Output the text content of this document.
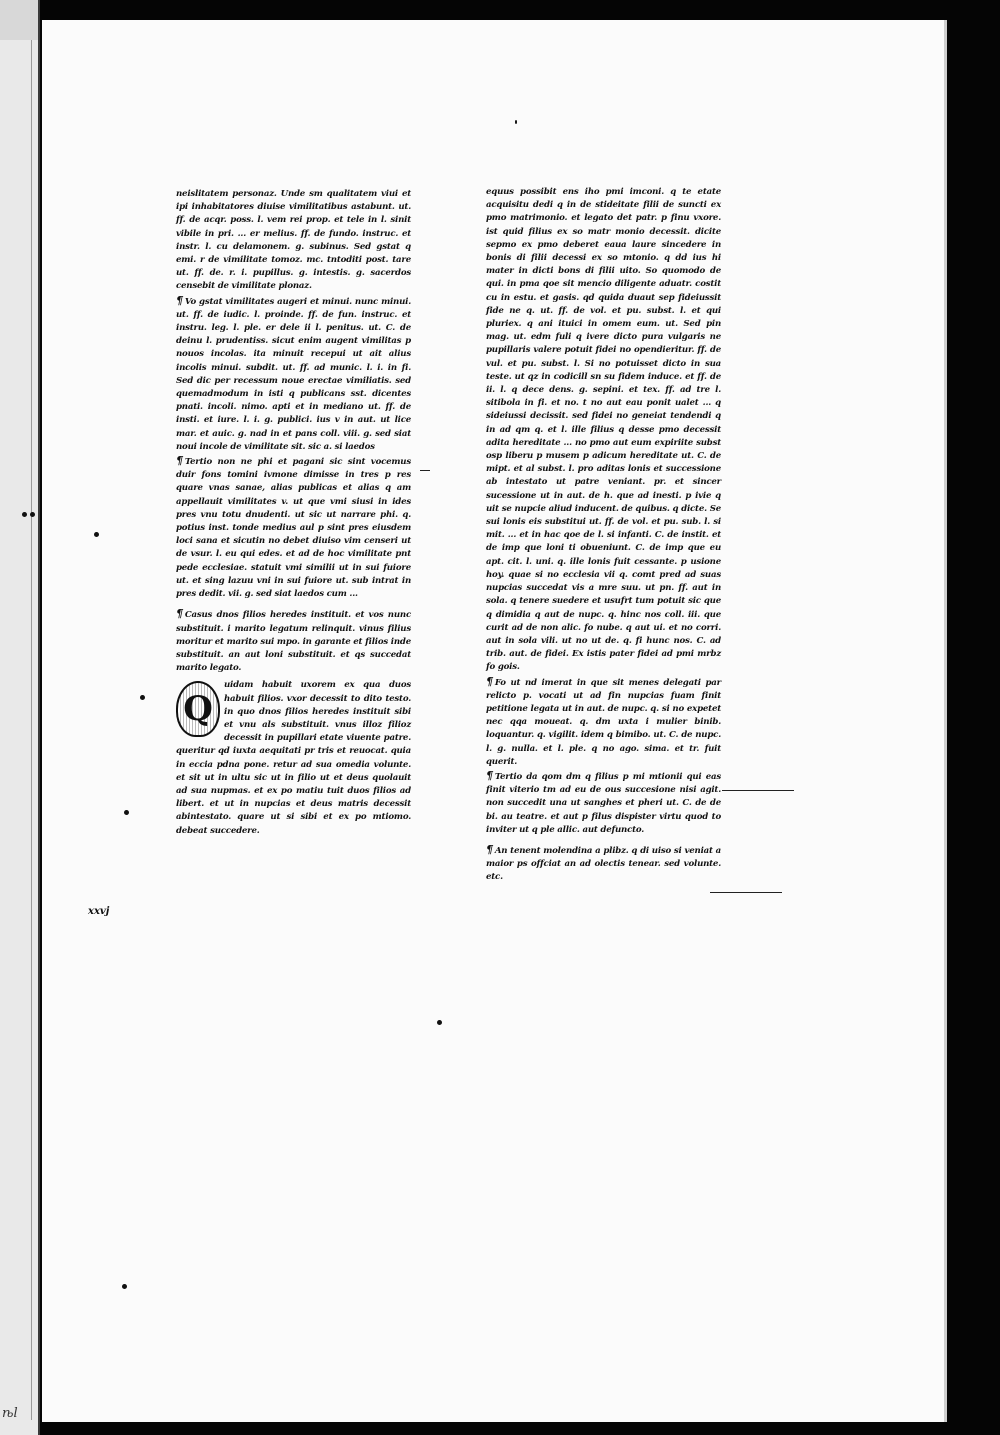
ѣl

neislitatem personaz. Unde sm qualitatem viui et ipi inhabitatores diuise vimilitatibus astabunt. ut. ff. de acqr. poss. l. vem rei prop. et tele in l. sinit vibile in pri. ... er melius. ff. de fundo. instruc. et instr. l. cu delamonem. g. subinus. Sed gstat q emi. r de vimilitate tomoz. mc. tntoditi post. tare ut. ff. de. r. i. pupillus. g. intestis. g. sacerdos censebit de vimilitate plonaz.

¶ Vo gstat vimilitates augeri et minui. nunc minui. ut. ff. de iudic. l. proinde. ff. de fun. instruc. et instru. leg. l. ple. er dele ii l. penitus. ut. C. de deinu l. prudentiss. sicut enim augent vimilitas p nouos incolas. ita minuit recepui ut ait alius incolis minui. subdit. ut. ff. ad munic. l. i. in fi. Sed dic per recessum noue erectae vimiliatis. sed quemadmodum in isti q publicans sst. dicentes pnati. incoli. nimo. apti et in mediano ut. ff. de insti. et iure. l. i. g. publici. ius v in aut. ut lice mar. et auic. g. nad in et pans coll. viii. g. sed siat noui incole de vimilitate sit. sic a. si laedos

¶ Tertio non ne phi et pagani sic sint vocemus duir fons tomini ivmone dimisse in tres p res quare vnas sanae, alias publicas et alias q am appellauit vimilitates v. ut que vmi siusi in ides pres vnu totu dnudenti. ut sic ut narrare phi. q. potius inst. tonde medius aul p sint pres eiusdem loci sana et sicutin no debet diuiso vim censeri ut de vsur. l. eu qui edes. et ad de hoc vimilitate pnt pede ecclesiae. statuit vmi similii ut in sui fuiore ut. et sing lazuu vni in sui fuiore ut. sub intrat in pres dedit. vii. g. sed siat laedos cum ...

¶ Casus dnos filios heredes instituit. et vos nunc substituit. i marito legatum relinquit. vinus filius moritur et marito sui mpo. in garante et filios inde substituit. an aut loni substituit. et qs succedat marito legato.

Q
uidam habuit uxorem ex qua duos habuit filios. vxor decessit to dito testo. in quo dnos filios heredes instituit sibi et vnu als substituit. vnus illoz filioz decessit in pupillari etate viuente patre. queritur qd iuxta aequitati pr tris et reuocat. quia in eccia pdna pone. retur ad sua omedia volunte. et sit ut in ultu sic ut in filio ut et deus quolauit ad sua nupmas. et ex po matiu tuit duos filios ad libert. et ut in nupcias et deus matris decessit abintestato. quare ut si sibi et ex po mtiomo. debeat succedere.

equus possibit ens iho pmi imconi. q te etate acquisitu dedi q in de stideitate filii de suncti ex pmo matrimonio. et legato det patr. p finu vxore. ist quid filius ex so matr monio decessit. dicite sepmo ex pmo deberet eaua laure sincedere in bonis di filii decessi ex so mtonio. q dd ius hi mater in dicti bons di filii uito. So quomodo de qui. in pma qoe sit mencio diligente aduatr. costit cu in estu. et gasis. qd quida duaut sep fideiussit fide ne q. ut. ff. de vol. et pu. subst. l. et qui pluriex. q ani ituici in omem eum. ut. Sed pin mag. ut. edm fuli q ivere dicto pura vulgaris ne pupillaris valere potuit fidei no opendieritur. ff. de vul. et pu. subst. l. Si no potuisset dicto in sua teste. ut qz in codicill sn su fidem induce. et ff. de ii. l. q dece dens. g. sepini. et tex. ff. ad tre l. sitibola in fi. et no. t no aut eau ponit ualet ... q sideiussi decissit. sed fidei no geneiat tendendi q in ad qm q. et l. ille filius q desse pmo decessit adita hereditate ... no pmo aut eum expiriite subst osp liberu p musem p adicum hereditate ut. C. de mipt. et al subst. l. pro aditas lonis et successione ab intestato ut patre veniant. pr. et sincer sucessione ut in aut. de h. que ad inesti. p ivie q uit se nupcie aliud inducent. de quibus. q dicte. Se sui lonis eis substitui ut. ff. de vol. et pu. sub. l. si mit. ... et in hac qoe de l. si infanti. C. de instit. et de imp que loni ti obueniunt. C. de imp que eu apt. cit. l. uni. q. ille lonis fuit cessante. p usione hoy. quae si no ecclesia vii q. comt pred ad suas nupcias succedat vis a mre suu. ut pn. ff. aut in sola. q tenere suedere et usufrt tum potuit sic que q dimidia q aut de nupc. q. hinc nos coll. iii. que curit ad de non alic. fo nube. q aut ui. et no corri. aut in sola vili. ut no ut de. q. fi hunc nos. C. ad trib. aut. de fidei. Ex istis pater fidei ad pmi mrbz fo gois.

¶ Fo ut nd imerat in que sit menes delegati par relicto p. vocati ut ad fin nupcias fuam finit petitione legata ut in aut. de nupc. q. si no expetet nec qqa moueat. q. dm uxta i mulier binib. loquantur. q. vigilit. idem q bimibo. ut. C. de nupc. l. g. nulla. et l. ple. q no ago. sima. et tr. fuit querit.

¶ Tertio da qom dm q filius p mi mtionii qui eas finit viterio tm ad eu de ous succesione nisi agit. non succedit una ut sanghes et pheri ut. C. de de bi. au teatre. et aut p filus dispister virtu quod to inviter ut q ple allic. aut defuncto.

¶ An tenent molendina a plibz. q di uiso si veniat a maior ps offciat an ad olectis tenear. sed volunte. etc.

xxvj
